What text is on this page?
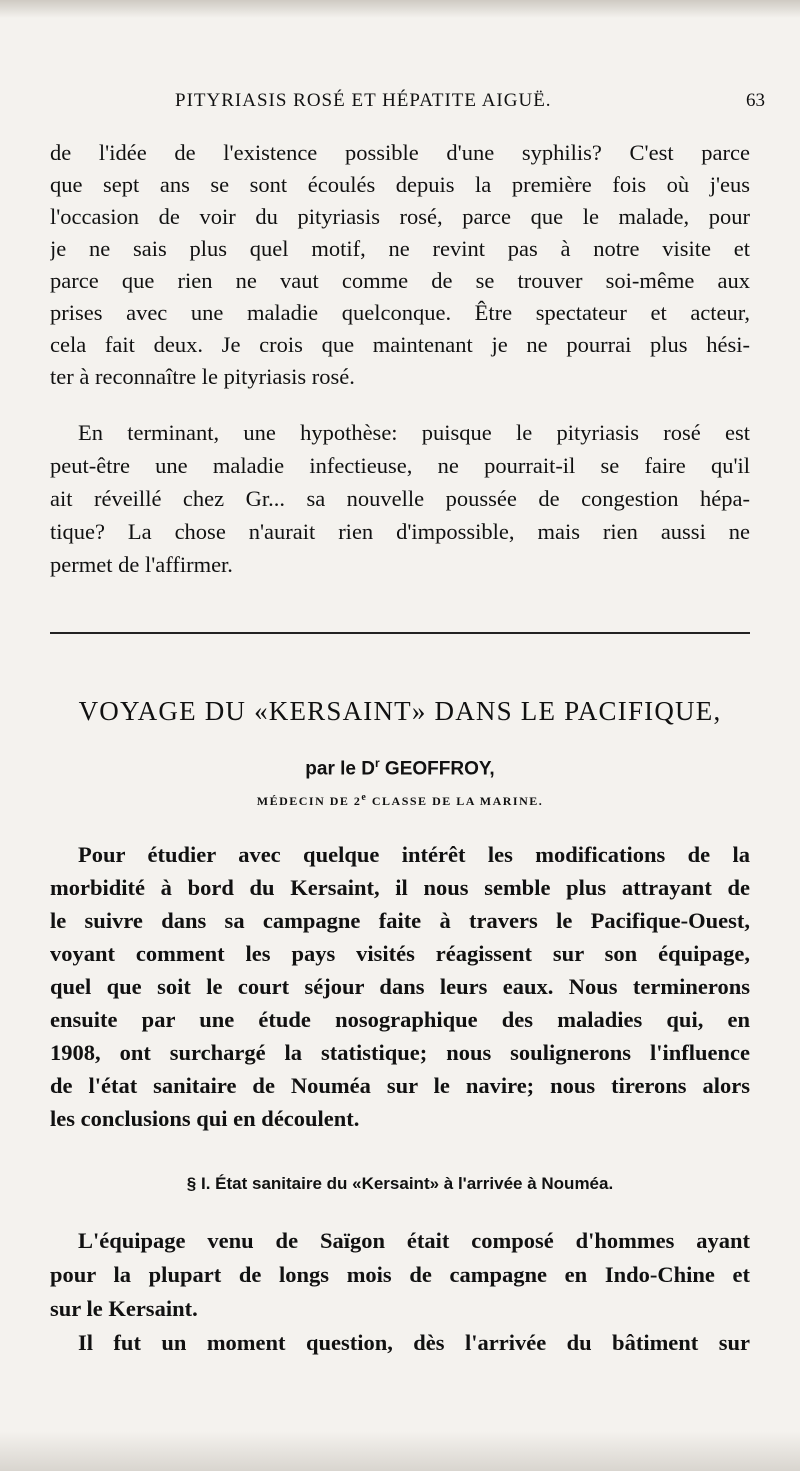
PITYRIASIS ROSÉ ET HÉPATITE AIGUË.	63
de l'idée de l'existence possible d'une syphilis? C'est parce
que sept ans se sont écoulés depuis la première fois où j'eus
l'occasion de voir du pityriasis rosé, parce que le malade, pour
je ne sais plus quel motif, ne revint pas à notre visite et
parce que rien ne vaut comme de se trouver soi-même aux
prises avec une maladie quelconque. Être spectateur et acteur,
cela fait deux. Je crois que maintenant je ne pourrai plus hési-
ter à reconnaître le pityriasis rosé.
En terminant, une hypothèse: puisque le pityriasis rosé est
peut-être une maladie infectieuse, ne pourrait-il se faire qu'il
ait réveillé chez Gr... sa nouvelle poussée de congestion hépa-
tique? La chose n'aurait rien d'impossible, mais rien aussi ne
permet de l'affirmer.
VOYAGE DU «KERSAINT» DANS LE PACIFIQUE,
par le $D^r$ GEOFFROY,
MÉDECIN DE 2e CLASSE DE LA MARINE.
Pour étudier avec quelque intérêt les modifications de la
morbidité à bord du Kersaint, il nous semble plus attrayant de
le suivre dans sa campagne faite à travers le Pacifique-Ouest,
voyant comment les pays visités réagissent sur son équipage,
quel que soit le court séjour dans leurs eaux. Nous terminerons
ensuite par une étude nosographique des maladies qui, en
1908, ont surchargé la statistique; nous soulignerons l'influence
de l'état sanitaire de Nouméa sur le navire; nous tirerons alors
les conclusions qui en découlent.
§ I. État sanitaire du «Kersaint» à l'arrivée à Nouméa.
L'équipage venu de Saïgon était composé d'hommes ayant
pour la plupart de longs mois de campagne en Indo-Chine et
sur le Kersaint.
Il fut un moment question, dès l'arrivée du bâtiment sur
